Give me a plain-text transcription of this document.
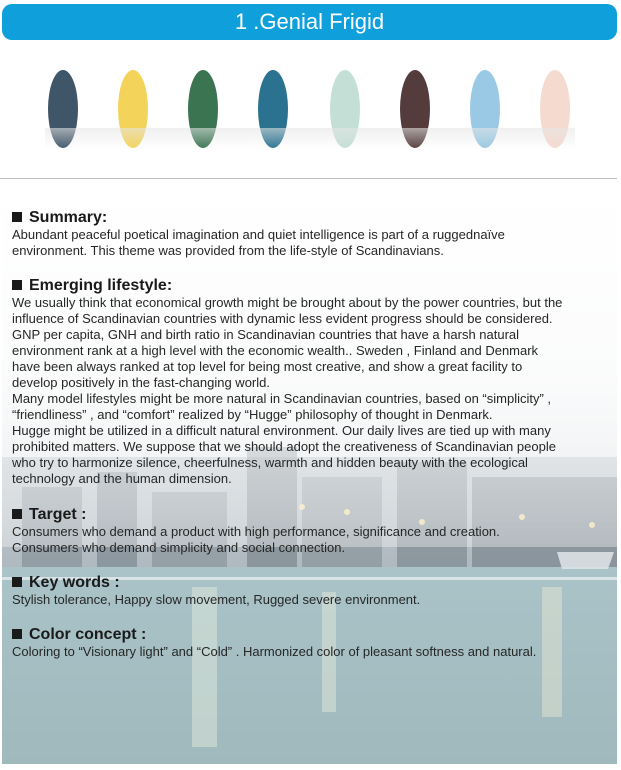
1 .Genial Frigid
Summary:
Abundant peaceful poetical imagination and quiet intelligence is part of a ruggednaïve
environment. This theme was provided from the life-style of Scandinavians.
Emerging lifestyle:
We usually think that economical growth might be brought about by the power countries, but the
influence of Scandinavian countries with dynamic less evident progress should be considered.
GNP per capita, GNH and birth ratio in Scandinavian countries that have a harsh natural
environment rank at a high level with the economic wealth.. Sweden , Finland and Denmark
have been always ranked at top level for being most creative, and show a great facility to
develop positively in the fast-changing world.
Many model lifestyles might be more natural in Scandinavian countries, based on “simplicity” ,
“friendliness” , and “comfort” realized by “Hugge” philosophy of thought in Denmark.
Hugge might be utilized in a difficult natural environment. Our daily lives are tied up with many
prohibited matters. We suppose that we should adopt the creativeness of Scandinavian people
who try to harmonize silence, cheerfulness, warmth and hidden beauty with the ecological
technology and the human dimension.
Target :
Consumers who demand a product with high performance, significance and creation.
Consumers who demand simplicity and social connection.
Key words :
Stylish tolerance, Happy slow movement, Rugged severe environment.
Color concept :
Coloring to “Visionary light” and “Cold” . Harmonized color of pleasant softness and natural.
